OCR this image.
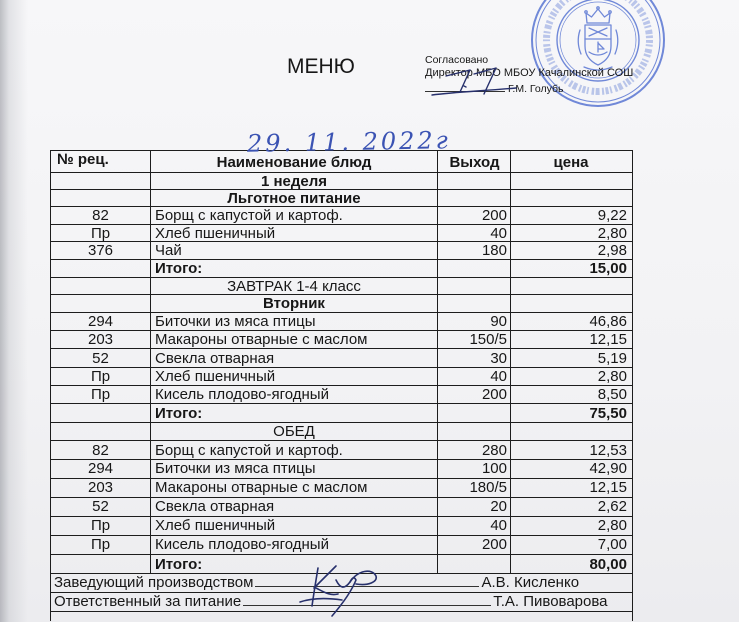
МЕНЮ	Согласовано
Директор МБО МБОУ Качалинской СОШ
Г.М. Голубь
№ рец.	Наименование блюд	Выход	цена
1 неделя
Льготное питание
82	Борщ с капустой и картоф.	200	9,22
Пр	Хлеб пшеничный	40	2,80
376	Чай	180	2,98
Итого:	15,00
ЗАВТРАК 1-4 класс
Вторник
294	Биточки из мяса птицы	90	46,86
203	Макароны отварные с маслом	150/5	12,15
52	Свекла отварная	30	5,19
Пр	Хлеб пшеничный	40	2,80
Пр	Кисель плодово-ягодный	200	8,50
Итого:	75,50
ОБЕД
82	Борщ с капустой и картоф.	280	12,53
294	Биточки из мяса птицы	100	42,90
203	Макароны отварные с маслом	180/5	12,15
52	Свекла отварная	20	2,62
Пр	Хлеб пшеничный	40	2,80
Пр	Кисель плодово-ягодный	200	7,00
Итого:	80,00
Заведующий производством	А.В. Кисленко
Ответственный за питание	Т.А. Пивоварова
29. 11. 2022г
